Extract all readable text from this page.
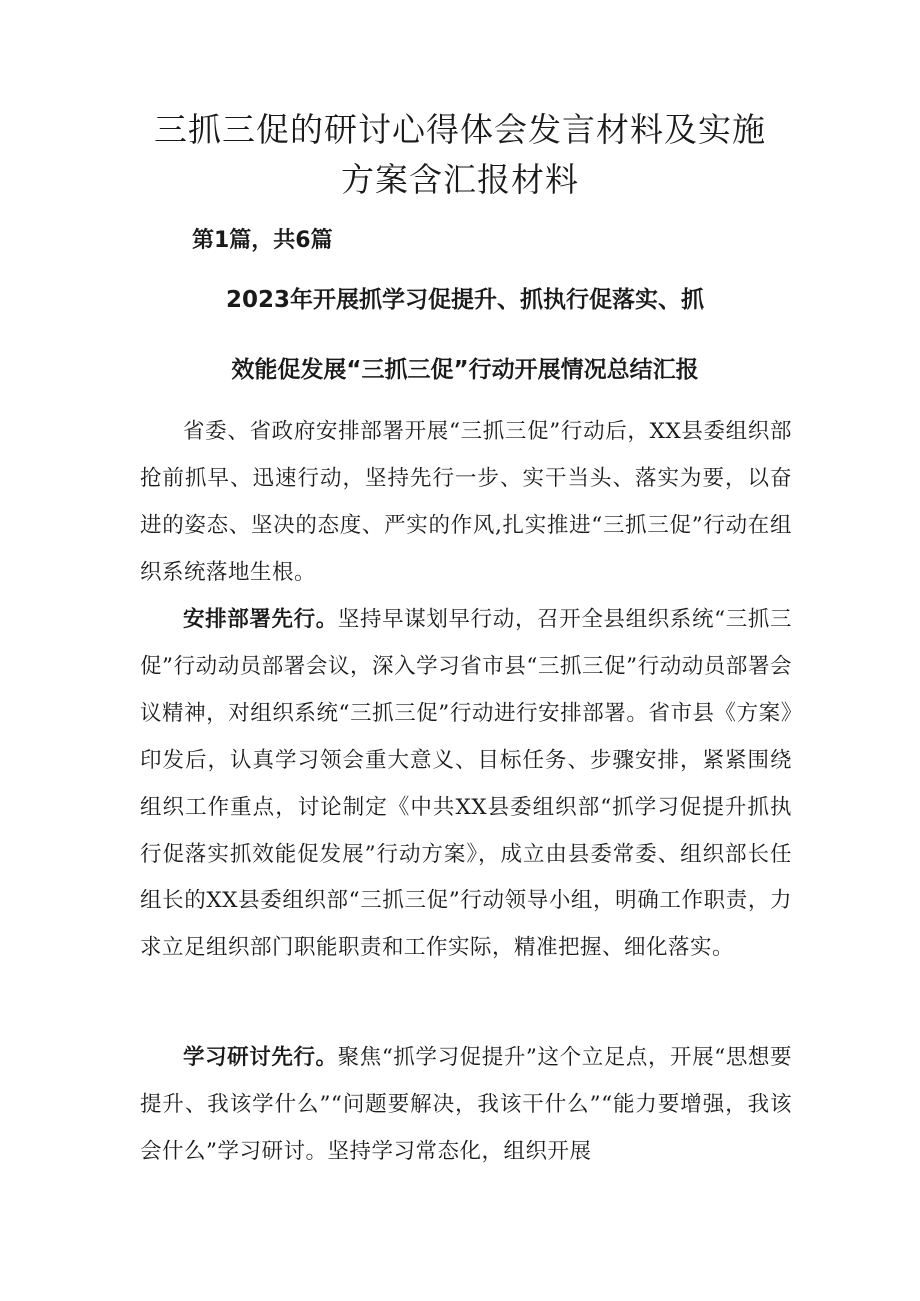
三抓三促的研讨心得体会发言材料及实施
方案含汇报材料

第1篇，共6篇

2023年开展抓学习促提升、抓执行促落实、抓
效能促发展“三抓三促”行动开展情况总结汇报

省委、省政府安排部署开展“三抓三促”行动后，XX县委组织部抢前抓早、迅速行动，坚持先行一步、实干当头、落实为要，以奋进的姿态、坚决的态度、严实的作风,扎实推进“三抓三促”行动在组织系统落地生根。

安排部署先行。坚持早谋划早行动，召开全县组织系统“三抓三促”行动动员部署会议，深入学习省市县“三抓三促”行动动员部署会议精神，对组织系统“三抓三促”行动进行安排部署。省市县《方案》印发后，认真学习领会重大意义、目标任务、步骤安排，紧紧围绕组织工作重点，讨论制定《中共XX县委组织部“抓学习促提升抓执行促落实抓效能促发展”行动方案》，成立由县委常委、组织部长任组长的XX县委组织部“三抓三促”行动领导小组，明确工作职责，力求立足组织部门职能职责和工作实际，精准把握、细化落实。

学习研讨先行。聚焦“抓学习促提升”这个立足点，开展“思想要提升、我该学什么”“问题要解决，我该干什么”“能力要增强，我该会什么”学习研讨。坚持学习常态化，组织开展
